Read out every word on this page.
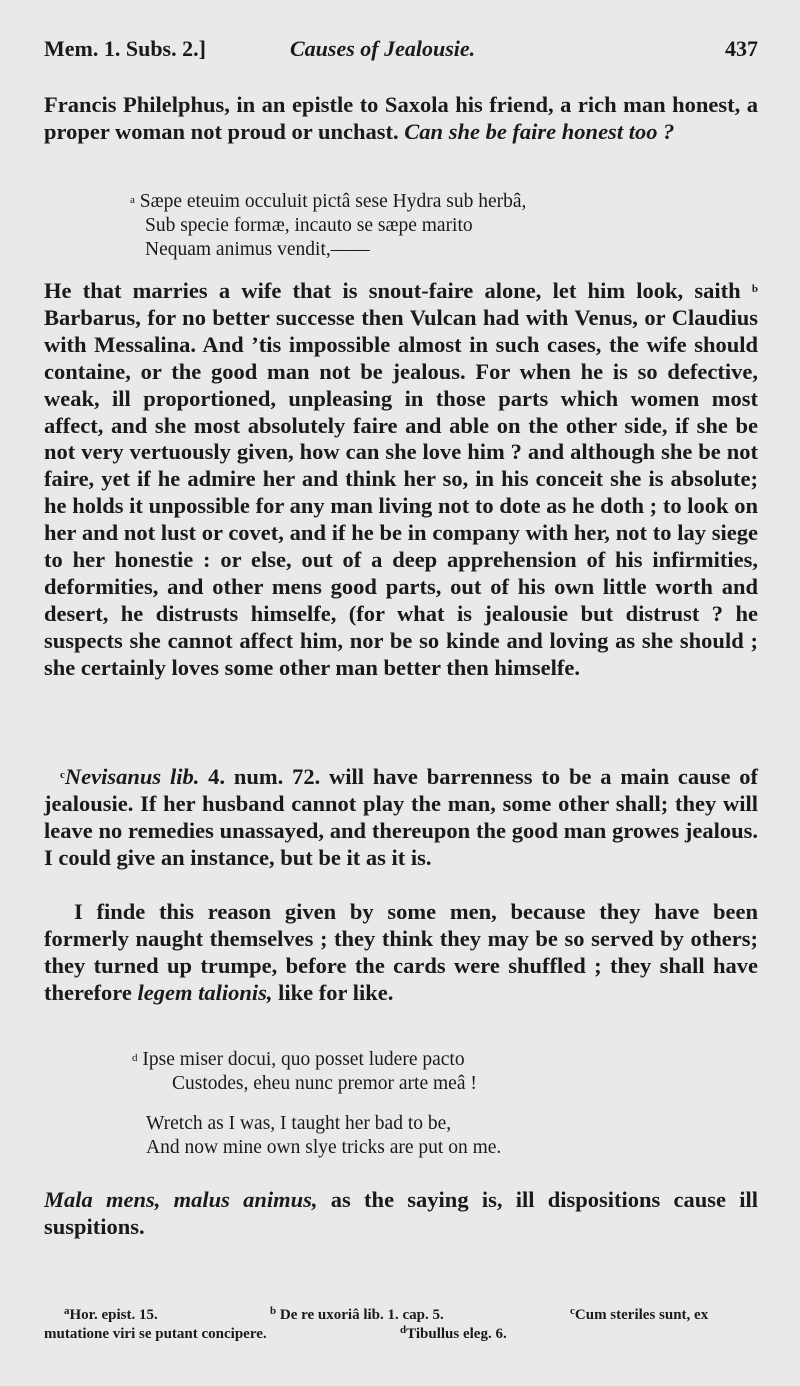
Mem. 1. Subs. 2.]	Causes of Jealousie.	437

Francis Philelphus, in an epistle to Saxola his friend, a rich man honest, a proper woman not proud or unchast. Can she be faire honest too ?

$^a$ Sæpe eteuim occuluit pictâ sese Hydra sub herbâ,
Sub specie formæ, incauto se sæpe marito
Nequam animus vendit,——

He that marries a wife that is snout-faire alone, let him look, saith $^b$ Barbarus, for no better successe then Vulcan had with Venus, or Claudius with Messalina. And ’tis impossible almost in such cases, the wife should containe, or the good man not be jealous. For when he is so defective, weak, ill proportioned, unpleasing in those parts which women most affect, and she most absolutely faire and able on the other side, if she be not very vertuously given, how can she love him ? and although she be not faire, yet if he admire her and think her so, in his conceit she is absolute; he holds it unpossible for any man living not to dote as he doth ; to look on her and not lust or covet, and if he be in company with her, not to lay siege to her honestie : or else, out of a deep apprehension of his infirmities, deformities, and other mens good parts, out of his own little worth and desert, he distrusts himselfe, (for what is jealousie but distrust ? he suspects she cannot affect him, nor be so kinde and loving as she should ; she certainly loves some other man better then himselfe.

$^c$Nevisanus lib. 4. num. 72. will have barrenness to be a main cause of jealousie. If her husband cannot play the man, some other shall; they will leave no remedies unassayed, and thereupon the good man growes jealous. I could give an instance, but be it as it is.

I finde this reason given by some men, because they have been formerly naught themselves ; they think they may be so served by others; they turned up trumpe, before the cards were shuffled ; they shall have therefore legem talionis, like for like.

$^d$ Ipse miser docui, quo posset ludere pacto
Custodes, eheu nunc premor arte meâ !
Wretch as I was, I taught her bad to be,
And now mine own slye tricks are put on me.

Mala mens, malus animus, as the saying is, ill dispositions cause ill suspitions.

$^a$Hor. epist. 15.	$^b$ De re uxoriâ lib. 1. cap. 5.	$^c$Cum steriles sunt, ex
mutatione viri se putant concipere.	$^d$Tibullus eleg. 6.
